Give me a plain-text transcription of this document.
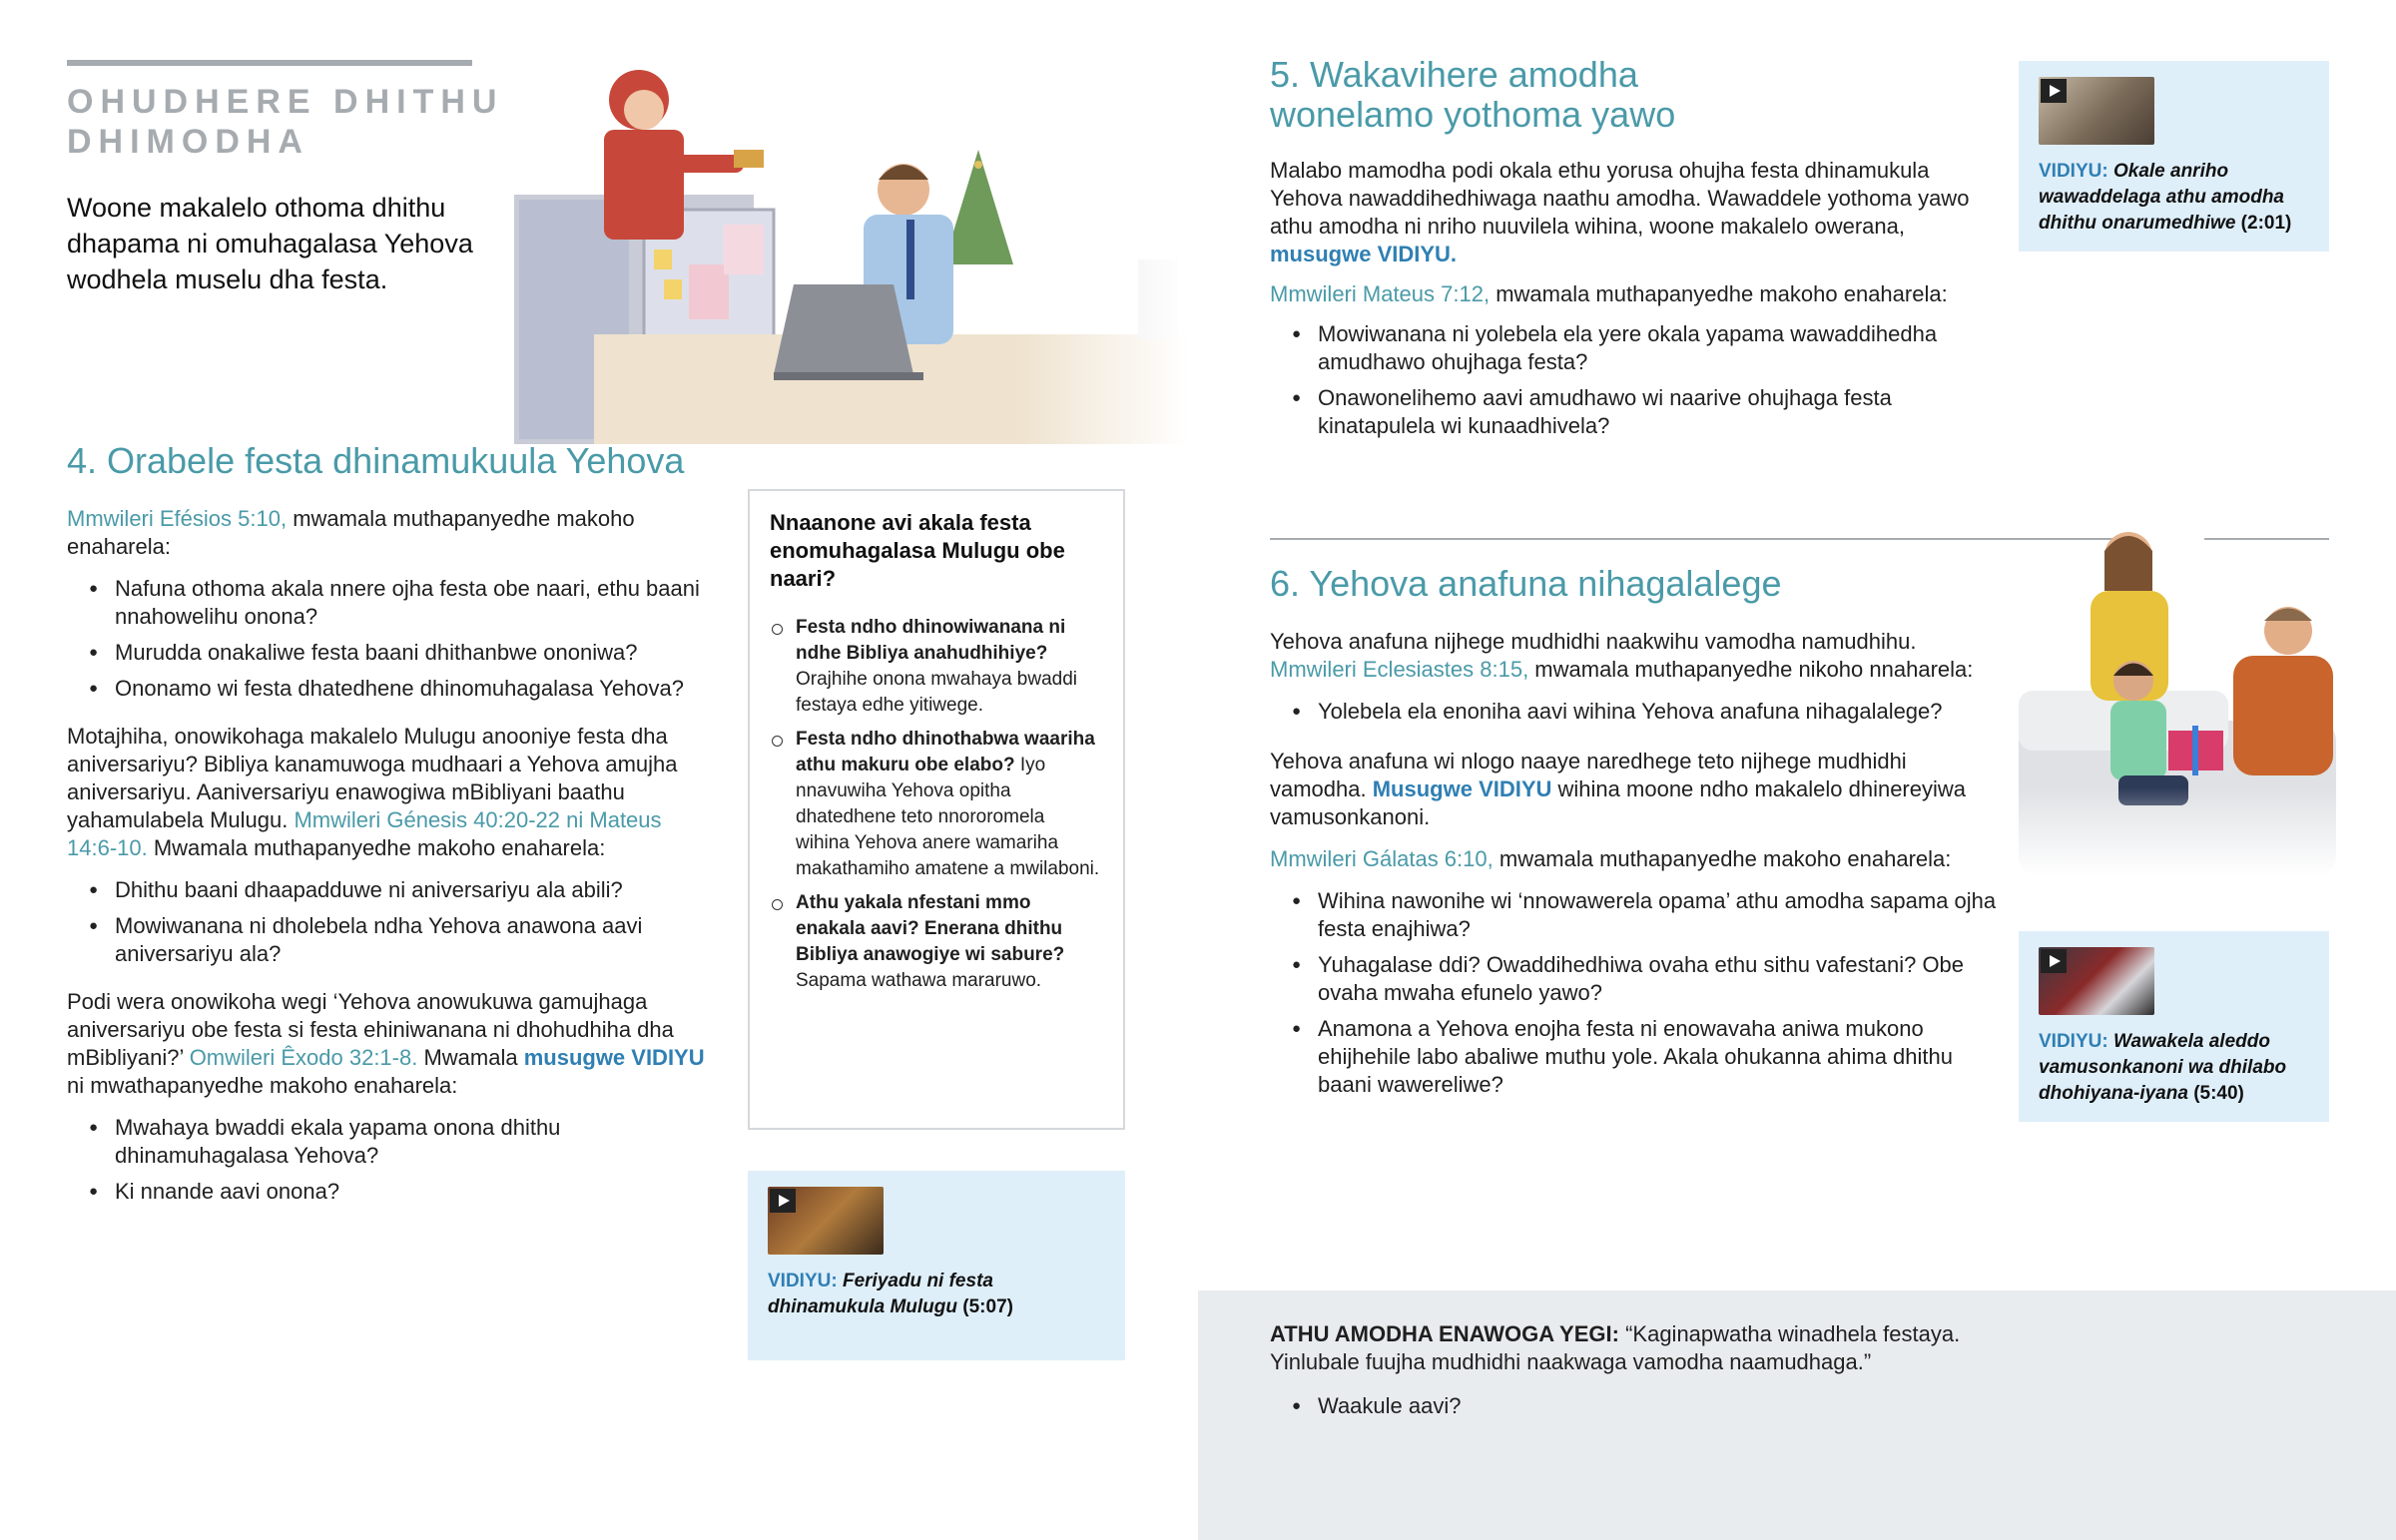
OHUDHERE DHITHU
DHIMODHA
Woone makalelo othoma dhithu dhapama ni omuhagalasa Yehova wodhela muselu dha festa.
4. Orabele festa dhinamukuula Yehova

Mmwileri Efésios 5:10, mwamala muthapanyedhe makoho enaharela:

● Nafuna othoma akala nnere ojha festa obe naari, ethu baani nnahowelihu onona?
● Murudda onakaliwe festa baani dhithanbwe ononiwa?
● Ononamo wi festa dhatedhene dhinomuhagalasa Yehova?

Motajhiha, onowikohaga makalelo Mulugu anooniye festa dha aniversariyu? Bibliya kanamuwoga mudhaari a Yehova amujha aniversariyu. Aaniversariyu enawogiwa mBibliyani baathu yahamulabela Mulugu. Mmwileri Génesis 40:20-22 ni Mateus 14:6-10. Mwamala muthapanyedhe makoho enaharela:

● Dhithu baani dhaapadduwe ni aniversariyu ala abili?
● Mowiwanana ni dholebela ndha Yehova anawona aavi aniversariyu ala?

Podi wera onowikoha wegi ‘Yehova anowukuwa gamujhaga aniversariyu obe festa si festa ehiniwanana ni dhohudhiha dha mBibliyani?’ Omwileri Êxodo 32:1-8. Mwamala musugwe VIDIYU ni mwathapanyedhe makoho enaharela:

● Mwahaya bwaddi ekala yapama onona dhithu dhinamuhagalasa Yehova?
● Ki nnande aavi onona?
Nnaanone avi akala festa enomuhagalasa Mulugu obe naari?
Festa ndho dhinowiwanana ni ndhe Bibliya anahudhihiye? Orajhihe onona mwahaya bwaddi festaya edhe yitiwege.
Festa ndho dhinothabwa waariha athu makuru obe elabo? Iyo nnavuwiha Yehova opitha dhatedhene teto nnororomela wihina Yehova anere wamariha makathamiho amatene a mwilaboni.
Athu yakala nfestani mmo enakala aavi? Enerana dhithu Bibliya anawogiye wi sabure? Sapama wathawa mararuwo.
VIDIYU: Feriyadu ni festa dhinamukula Mulugu (5:07)
5. Wakavihere amodha
wonelamo yothoma yawo

Malabo mamodha podi okala ethu yorusa ohujha festa dhinamukula Yehova nawaddihedhiwaga naathu amodha. Wawaddele yothoma yawo athu amodha ni nriho nuuvilela wihina, woone makalelo owerana, musugwe VIDIYU.

Mmwileri Mateus 7:12, mwamala muthapanyedhe makoho enaharela:

● Mowiwanana ni yolebela ela yere okala yapama wawaddihedha amudhawo ohujhaga festa?
● Onawonelihemo aavi amudhawo wi naarive ohujhaga festa kinatapulela wi kunaadhivela?
VIDIYU: Okale anriho wawaddelaga athu amodha dhithu onarumedhiwe (2:01)
6. Yehova anafuna nihagalalege

Yehova anafuna nijhege mudhidhi naakwihu vamodha namudhihu. Mmwileri Eclesiastes 8:15, mwamala muthapanyedhe nikoho nnaharela:

● Yolebela ela enoniha aavi wihina Yehova anafuna nihagalalege?

Yehova anafuna wi nlogo naaye naredhege teto nijhege mudhidhi vamodha. Musugwe VIDIYU wihina moone ndho makalelo dhinereyiwa vamusonkanoni.

Mmwileri Gálatas 6:10, mwamala muthapanyedhe makoho enaharela:

● Wihina nawonihe wi ‘nnowawerela opama’ athu amodha sapama ojha festa enajhiwa?
● Yuhagalase ddi? Owaddihedhiwa ovaha ethu sithu vafestani? Obe ovaha mwaha efunelo yawo?
● Anamona a Yehova enojha festa ni enowavaha aniwa mukono ehijhehile labo abaliwe muthu yole. Akala ohukanna ahima dhithu baani wawereliwe?
VIDIYU: Wawakela aleddo vamusonkanoni wa dhilabo dhohiyana-iyana (5:40)

ATHU AMODHA ENAWOGA YEGI: “Kaginapwatha winadhela festaya. Yinlubale fuujha mudhidhi naakwaga vamodha naamudhaga.”

● Waakule aavi?
